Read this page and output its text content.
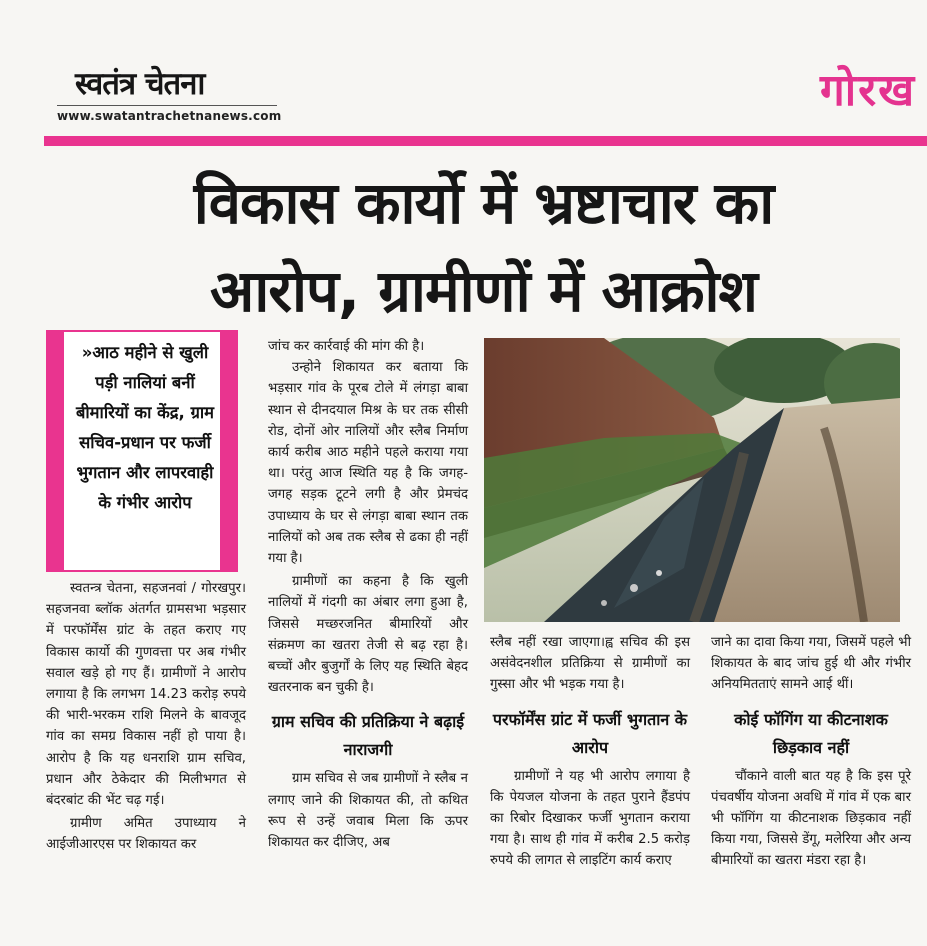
स्वतंत्र चेतना
www.swatantrachetnanews.com	गोरख
विकास कार्यो में भ्रष्टाचार का
आरोप, ग्रामीणों में आक्रोश
»आठ महीने से खुली पड़ी नालियां बनीं बीमारियों का केंद्र, ग्राम सचिव-प्रधान पर फर्जी भुगतान और लापरवाही के गंभीर आरोप

स्वतन्त्र चेतना, सहजनवां / गोरखपुर। सहजनवा ब्लॉक अंतर्गत ग्रामसभा भड़सार में परफॉर्मेंस ग्रांट के तहत कराए गए विकास कार्यो की गुणवत्ता पर अब गंभीर सवाल खड़े हो गए हैं। ग्रामीणों ने आरोप लगाया है कि लगभग 14.23 करोड़ रुपये की भारी-भरकम राशि मिलने के बावजूद गांव का समग्र विकास नहीं हो पाया है। आरोप है कि यह धनराशि ग्राम सचिव, प्रधान और ठेकेदार की मिलीभगत से बंदरबांट की भेंट चढ़ गई।

ग्रामीण अमित उपाध्याय ने आईजीआरएस पर शिकायत कर

जांच कर कार्रवाई की मांग की है।

उन्होने शिकायत कर बताया कि भड़सार गांव के पूरब टोले में लंगड़ा बाबा स्थान से दीनदयाल मिश्र के घर तक सीसी रोड, दोनों ओर नालियों और स्लैब निर्माण कार्य करीब आठ महीने पहले कराया गया था। परंतु आज स्थिति यह है कि जगह-जगह सड़क टूटने लगी है और प्रेमचंद उपाध्याय के घर से लंगड़ा बाबा स्थान तक नालियों को अब तक स्लैब से ढका ही नहीं गया है।

ग्रामीणों का कहना है कि खुली नालियों में गंदगी का अंबार लगा हुआ है, जिससे मच्छरजनित बीमारियों और संक्रमण का खतरा तेजी से बढ़ रहा है। बच्चों और बुजुर्गों के लिए यह स्थिति बेहद खतरनाक बन चुकी है।

ग्राम सचिव की प्रतिक्रिया ने बढ़ाई नाराजगी

ग्राम सचिव से जब ग्रामीणों ने स्लैब न लगाए जाने की शिकायत की, तो कथित रूप से उन्हें जवाब मिला कि ऊपर शिकायत कर दीजिए, अब

स्लैब नहीं रखा जाएगा।ह्व सचिव की इस असंवेदनशील प्रतिक्रिया से ग्रामीणों का गुस्सा और भी भड़क गया है।

परफॉर्मेंस ग्रांट में फर्जी भुगतान के आरोप

ग्रामीणों ने यह भी आरोप लगाया है कि पेयजल योजना के तहत पुराने हैंडपंप का रिबोर दिखाकर फर्जी भुगतान कराया गया है। साथ ही गांव में करीब 2.5 करोड़ रुपये की लागत से लाइटिंग कार्य कराए

जाने का दावा किया गया, जिसमें पहले भी शिकायत के बाद जांच हुई थी और गंभीर अनियमितताएं सामने आई थीं।

कोई फॉगिंग या कीटनाशक छिड़काव नहीं

चौंकाने वाली बात यह है कि इस पूरे पंचवर्षीय योजना अवधि में गांव में एक बार भी फॉगिंग या कीटनाशक छिड़काव नहीं किया गया, जिससे डेंगू, मलेरिया और अन्य बीमारियों का खतरा मंडरा रहा है।
